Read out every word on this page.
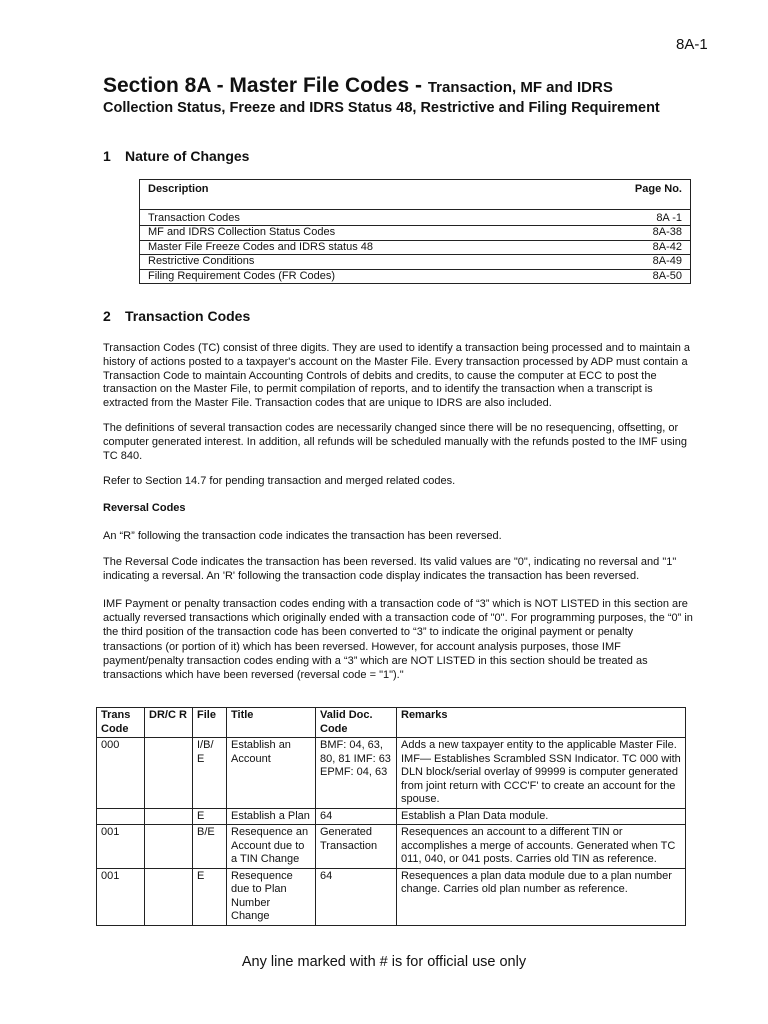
8A-1
Section 8A - Master File Codes - Transaction, MF and IDRS
Collection Status, Freeze and IDRS Status 48, Restrictive and Filing Requirement
1 Nature of Changes
Description	Page No.
Transaction Codes	8A -1
MF and IDRS Collection Status Codes	8A-38
Master File Freeze Codes and IDRS status 48	8A-42
Restrictive Conditions	8A-49
Filing Requirement Codes (FR Codes)	8A-50
2 Transaction Codes
Transaction Codes (TC) consist of three digits. They are used to identify a transaction being processed and to maintain a history of actions posted to a taxpayer's account on the Master File. Every transaction processed by ADP must contain a Transaction Code to maintain Accounting Controls of debits and credits, to cause the computer at ECC to post the transaction on the Master File, to permit compilation of reports, and to identify the transaction when a transcript is extracted from the Master File. Transaction codes that are unique to IDRS are also included.
The definitions of several transaction codes are necessarily changed since there will be no resequencing, offsetting, or computer generated interest. In addition, all refunds will be scheduled manually with the refunds posted to the IMF using TC 840.
Refer to Section 14.7 for pending transaction and merged related codes.
Reversal Codes
An “R” following the transaction code indicates the transaction has been reversed.
The Reversal Code indicates the transaction has been reversed. Its valid values are "0", indicating no reversal and "1" indicating a reversal. An 'R' following the transaction code display indicates the transaction has been reversed.
IMF Payment or penalty transaction codes ending with a transaction code of “3” which is NOT LISTED in this section are actually reversed transactions which originally ended with a transaction code of "0". For programming purposes, the “0” in the third position of the transaction code has been converted to “3” to indicate the original payment or penalty transactions (or portion of it) which has been reversed. However, for account analysis purposes, those IMF payment/penalty transaction codes ending with a “3” which are NOT LISTED in this section should be treated as transactions which have been reversed (reversal code = "1")."
Trans Code	DR/C R	File	Title	Valid Doc. Code	Remarks
000		I/B/ E	Establish an Account	BMF: 04, 63, 80, 81 IMF: 63 EPMF: 04, 63	Adds a new taxpayer entity to the applicable Master File. IMF— Establishes Scrambled SSN Indicator. TC 000 with DLN block/serial overlay of 99999 is computer generated from joint return with CCC'F' to create an account for the spouse.
		E	Establish a Plan	64	Establish a Plan Data module.
001		B/E	Resequence an Account due to a TIN Change	Generated Transaction	Resequences an account to a different TIN or accomplishes a merge of accounts. Generated when TC 011, 040, or 041 posts. Carries old TIN as reference.
001		E	Resequence due to Plan Number Change	64	Resequences a plan data module due to a plan number change. Carries old plan number as reference.
Any line marked with # is for official use only
